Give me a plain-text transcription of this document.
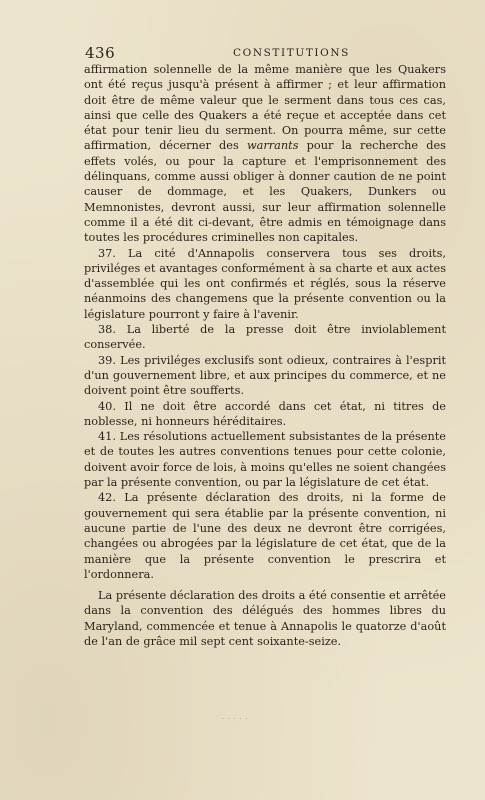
436	CONSTITUTIONS

affirmation solennelle de la même manière que les Quakers ont été reçus jusqu'à présent à affirmer ; et leur affirmation doit être de même valeur que le serment dans tous ces cas, ainsi que celle des Quakers a été reçue et acceptée dans cet état pour tenir lieu du serment. On pourra même, sur cette affirmation, décerner des warrants pour la recherche des effets volés, ou pour la capture et l'emprisonnement des délinquans, comme aussi obliger à donner caution de ne point causer de dommage, et les Quakers, Dunkers ou Memnonistes, devront aussi, sur leur affirmation solennelle comme il a été dit ci-devant, être admis en témoignage dans toutes les procédures criminelles non capitales.

37. La cité d'Annapolis conservera tous ses droits, priviléges et avantages conformément à sa charte et aux actes d'assemblée qui les ont confirmés et réglés, sous la réserve néanmoins des changemens que la présente convention ou la législature pourront y faire à l'avenir.

38. La liberté de la presse doit être inviolablement conservée.

39. Les priviléges exclusifs sont odieux, contraires à l'esprit d'un gouvernement libre, et aux principes du commerce, et ne doivent point être soufferts.

40. Il ne doit être accordé dans cet état, ni titres de noblesse, ni honneurs héréditaires.

41. Les résolutions actuellement subsistantes de la présente et de toutes les autres conventions tenues pour cette colonie, doivent avoir force de lois, à moins qu'elles ne soient changées par la présente convention, ou par la législature de cet état.

42. La présente déclaration des droits, ni la forme de gouvernement qui sera établie par la présente convention, ni aucune partie de l'une des deux ne devront être corrigées, changées ou abrogées par la législature de cet état, que de la manière que la présente convention le prescrira et l'ordonnera.

La présente déclaration des droits a été consentie et arrêtée dans la convention des délégués des hommes libres du Maryland, commencée et tenue à Annapolis le quatorze d'août de l'an de grâce mil sept cent soixante-seize.

· · · · ·
